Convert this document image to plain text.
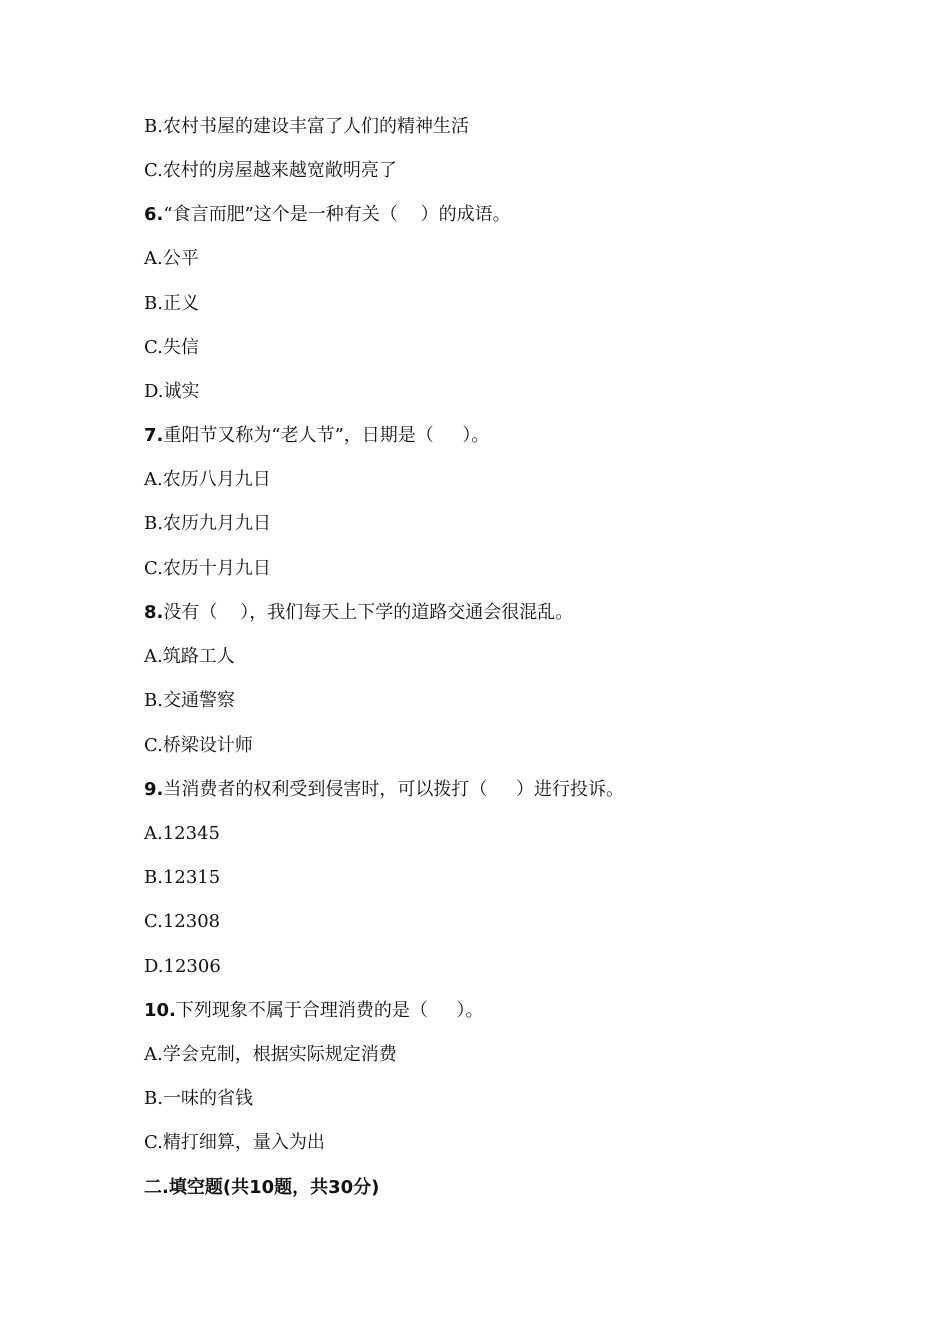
B.农村书屋的建设丰富了人们的精神生活
C.农村的房屋越来越宽敞明亮了
6.“食言而肥”这个是一种有关（    ）的成语。
A.公平
B.正义
C.失信
D.诚实
7.重阳节又称为“老人节”，日期是（     ）。
A.农历八月九日
B.农历九月九日
C.农历十月九日
8.没有（    ），我们每天上下学的道路交通会很混乱。
A.筑路工人
B.交通警察
C.桥梁设计师
9.当消费者的权利受到侵害时，可以拨打（     ）进行投诉。
A.12345
B.12315
C.12308
D.12306
10.下列现象不属于合理消费的是（     ）。
A.学会克制，根据实际规定消费
B.一味的省钱
C.精打细算，量入为出
二.填空题(共10题，共30分)
